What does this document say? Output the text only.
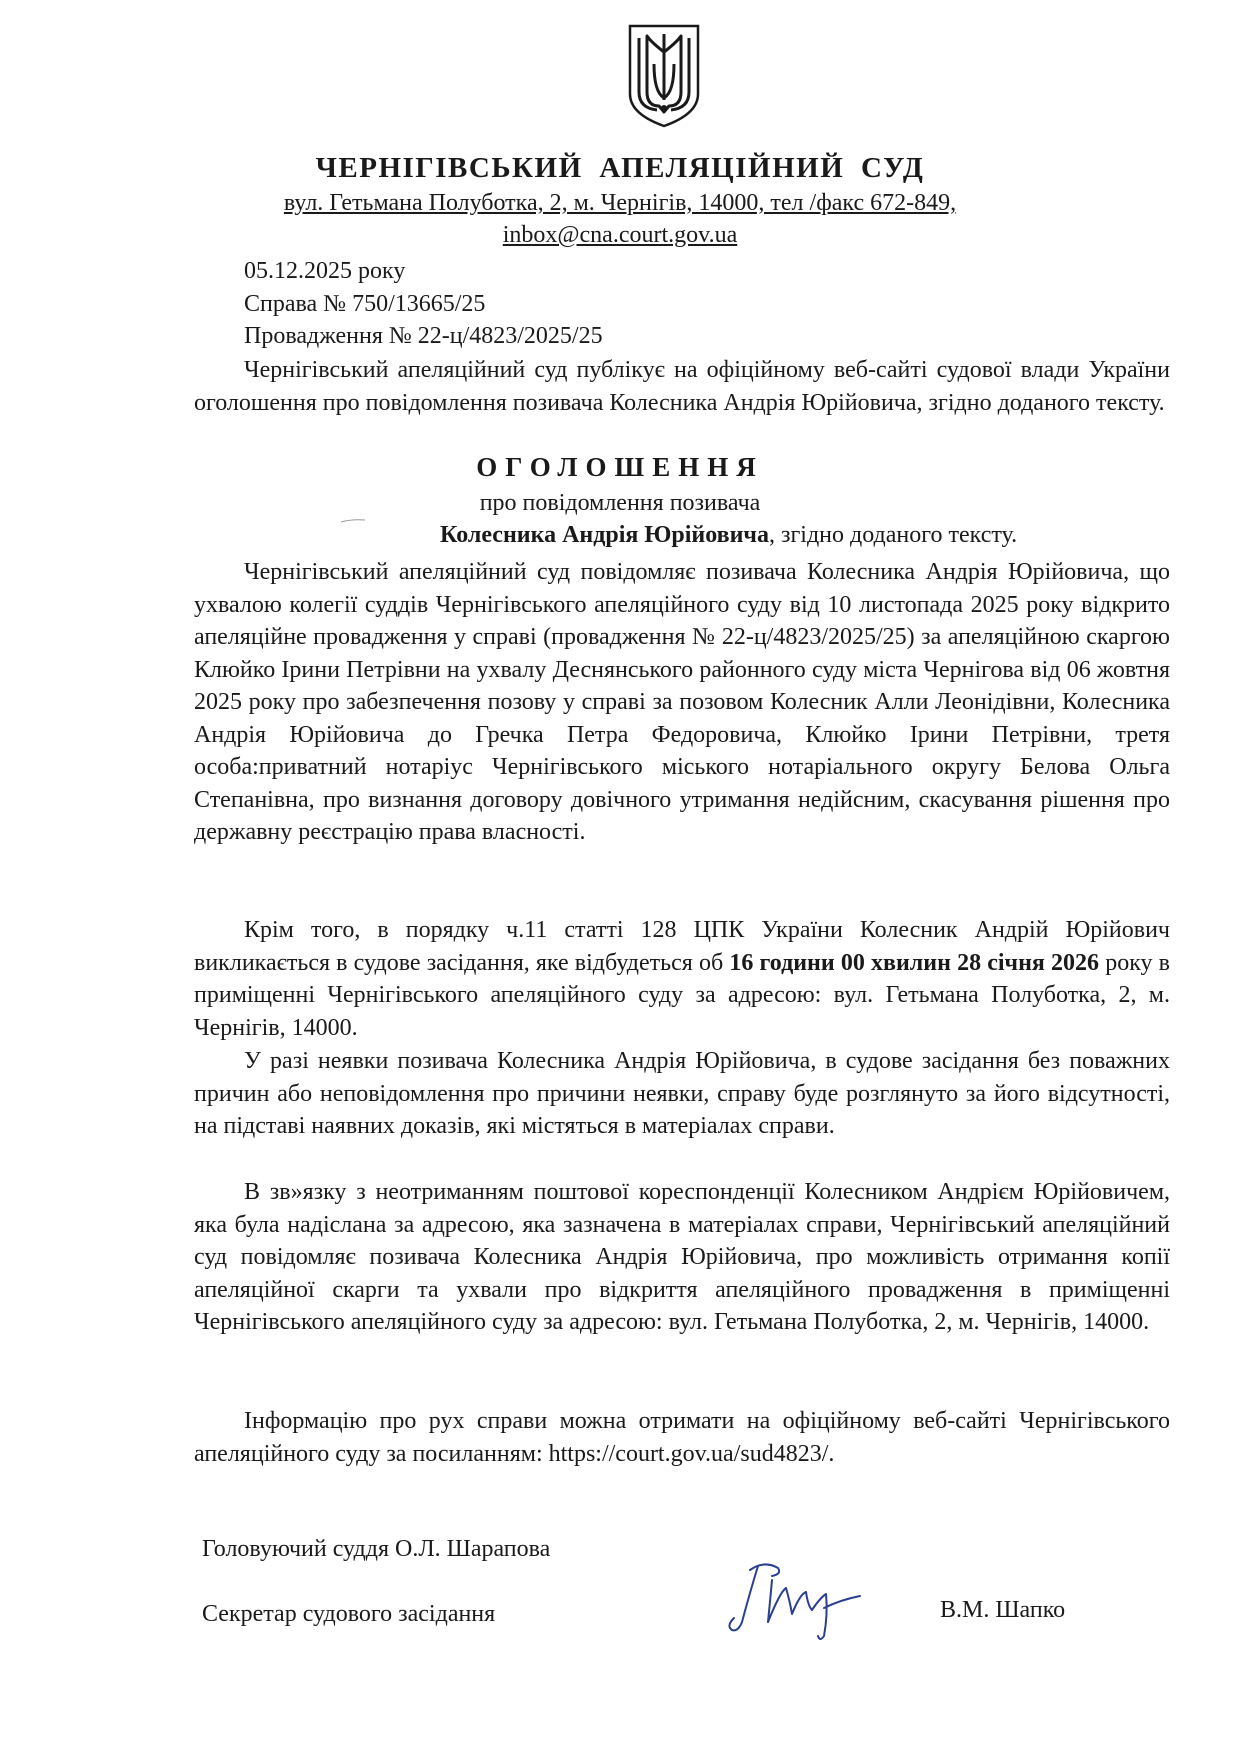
ЧЕРНІГІВСЬКИЙ АПЕЛЯЦІЙНИЙ СУД
вул. Гетьмана Полуботка, 2, м. Чернігів, 14000, тел /факс 672-849,
inbox@cna.court.gov.ua
05.12.2025 року
Справа № 750/13665/25
Провадження № 22-ц/4823/2025/25
Чернігівський апеляційний суд публікує на офіційному веб-сайті судової влади України оголошення про повідомлення позивача Колесника Андрія Юрійовича, згідно доданого тексту.
ОГОЛОШЕННЯ
про повідомлення позивача
Колесника Андрія Юрійовича, згідно доданого тексту.
Чернігівський апеляційний суд повідомляє позивача Колесника Андрія Юрійовича, що ухвалою колегії суддів Чернігівського апеляційного суду від 10 листопада 2025 року відкрито апеляційне провадження у справі (провадження № 22-ц/4823/2025/25) за апеляційною скаргою Клюйко Ірини Петрівни на ухвалу Деснянського районного суду міста Чернігова від 06 жовтня 2025 року про забезпечення позову у справі за позовом Колесник Алли Леонідівни, Колесника Андрія Юрійовича до Гречка Петра Федоровича, Клюйко Ірини Петрівни, третя особа:приватний нотаріус Чернігівського міського нотаріального округу Белова Ольга Степанівна, про визнання договору довічного утримання недійсним, скасування рішення про державну реєстрацію права власності.
Крім того, в порядку ч.11 статті 128 ЦПК України Колесник Андрій Юрійович викликається в судове засідання, яке відбудеться об 16 години 00 хвилин 28 січня 2026 року в приміщенні Чернігівського апеляційного суду за адресою: вул. Гетьмана Полуботка, 2, м. Чернігів, 14000.
У разі неявки позивача Колесника Андрія Юрійовича, в судове засідання без поважних причин або неповідомлення про причини неявки, справу буде розглянуто за його відсутності, на підставі наявних доказів, які містяться в матеріалах справи.
В зв»язку з неотриманням поштової кореспонденції Колесником Андрієм Юрійовичем, яка була надіслана за адресою, яка зазначена в матеріалах справи, Чернігівський апеляційний суд повідомляє позивача Колесника Андрія Юрійовича, про можливість отримання копії апеляційної скарги та ухвали про відкриття апеляційного провадження в приміщенні Чернігівського апеляційного суду за адресою: вул. Гетьмана Полуботка, 2, м. Чернігів, 14000.
Інформацію про рух справи можна отримати на офіційному веб-сайті Чернігівського апеляційного суду за посиланням: https://court.gov.ua/sud4823/.
Головуючий суддя О.Л. Шарапова
Секретар судового засідання	В.М. Шапко
